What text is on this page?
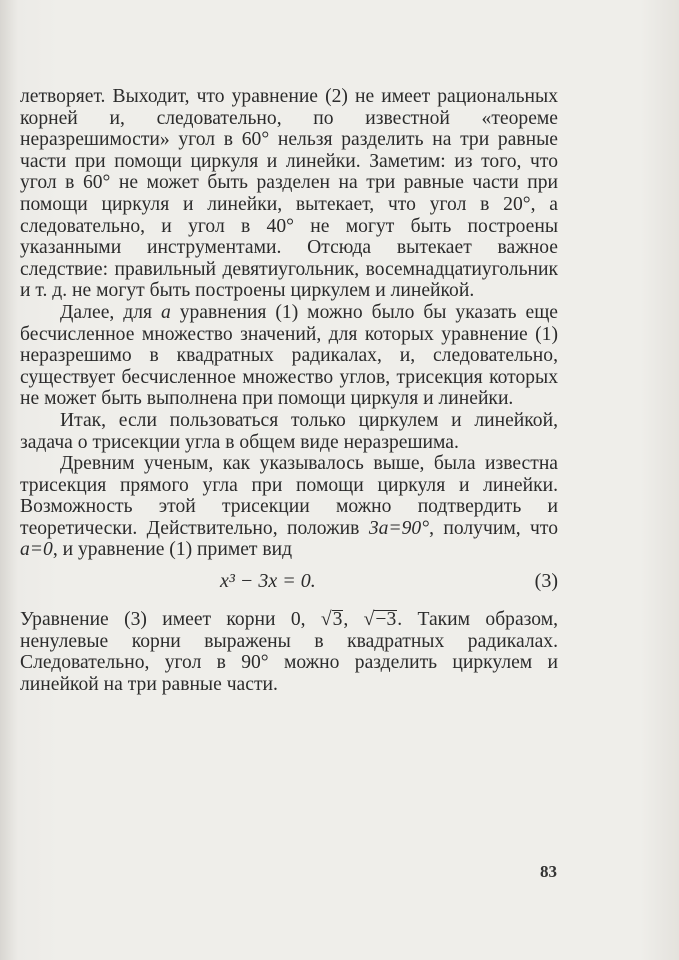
летворяет. Выходит, что уравнение (2) не имеет рациональных корней и, следовательно, по известной «теореме неразрешимости» угол в 60° нельзя разделить на три равные части при помощи циркуля и линейки. Заметим: из того, что угол в 60° не может быть разделен на три равные части при помощи циркуля и линейки, вытекает, что угол в 20°, а следовательно, и угол в 40° не могут быть построены указанными инструментами. Отсюда вытекает важное следствие: правильный девятиугольник, восемнадцатиугольник и т. д. не могут быть построены циркулем и линейкой.

Далее, для a уравнения (1) можно было бы указать еще бесчисленное множество значений, для которых уравнение (1) неразрешимо в квадратных радикалах, и, следовательно, существует бесчисленное множество углов, трисекция которых не может быть выполнена при помощи циркуля и линейки.

Итак, если пользоваться только циркулем и линейкой, задача о трисекции угла в общем виде неразрешима.

Древним ученым, как указывалось выше, была известна трисекция прямого угла при помощи циркуля и линейки. Возможность этой трисекции можно подтвердить и теоретически. Действительно, положив 3a=90°, получим, что a=0, и уравнение (1) примет вид

x³ − 3x = 0.	(3)

Уравнение (3) имеет корни 0, √3, √−3. Таким образом, ненулевые корни выражены в квадратных радикалах. Следовательно, угол в 90° можно разделить циркулем и линейкой на три равные части.

83
